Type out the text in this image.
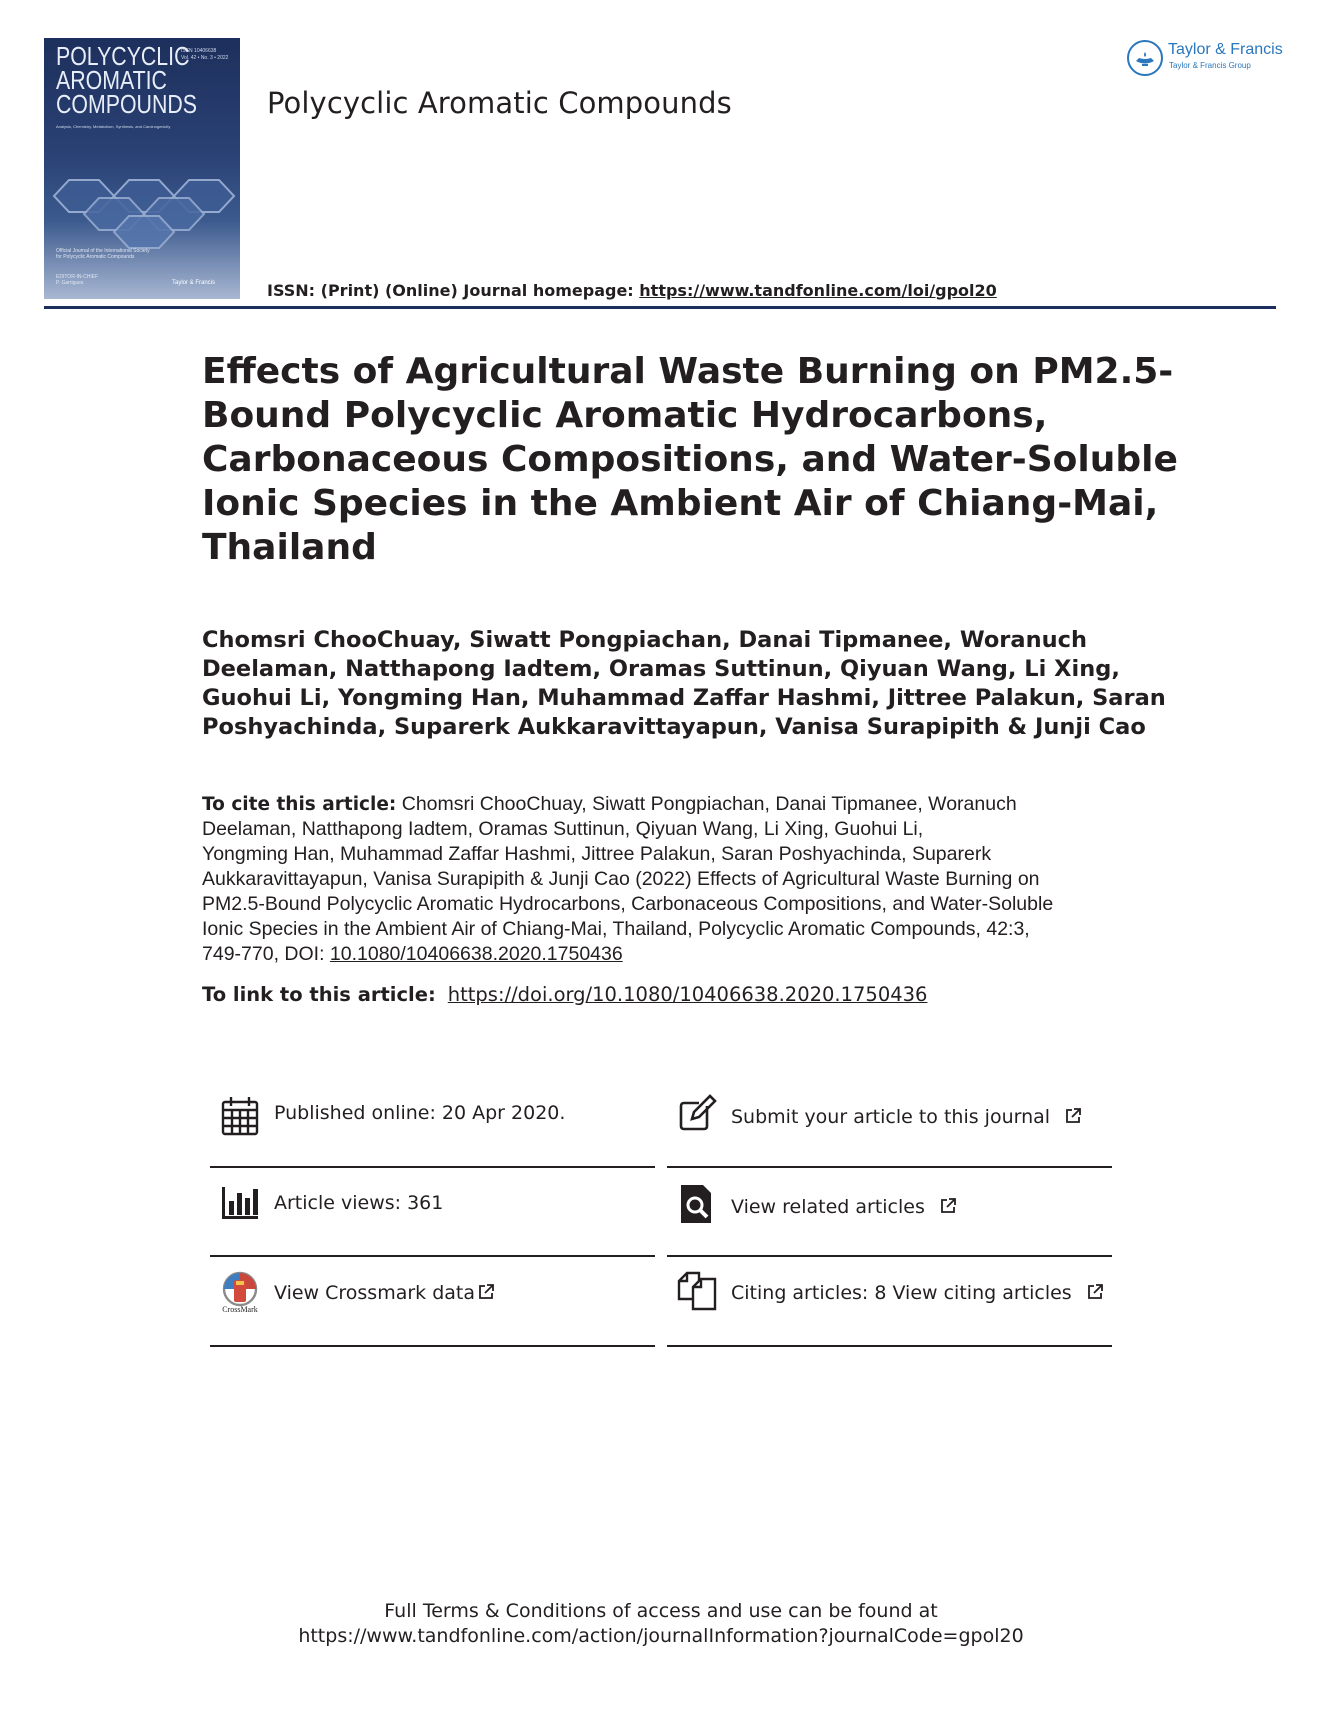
POLYCYCLIC
AROMATIC
COMPOUNDS
ISSN 10406638
Vol. 42 • No. 3 • 2022
Analysis, Chemistry, Metabolism, Synthesis, and Carcinogenicity
Official Journal of the International Society for Polycyclic Aromatic Compounds
EDITOR-IN-CHIEF
P. Garrigues	Taylor & Francis
Polycyclic Aromatic Compounds
ISSN: (Print) (Online) Journal homepage: https://www.tandfonline.com/loi/gpol20
Taylor & Francis
Taylor & Francis Group
Effects of Agricultural Waste Burning on PM2.5-
Bound Polycyclic Aromatic Hydrocarbons,
Carbonaceous Compositions, and Water-Soluble
Ionic Species in the Ambient Air of Chiang-Mai,
Thailand
Chomsri ChooChuay, Siwatt Pongpiachan, Danai Tipmanee, Woranuch
Deelaman, Natthapong Iadtem, Oramas Suttinun, Qiyuan Wang, Li Xing,
Guohui Li, Yongming Han, Muhammad Zaffar Hashmi, Jittree Palakun, Saran
Poshyachinda, Suparerk Aukkaravittayapun, Vanisa Surapipith & Junji Cao
To cite this article: Chomsri ChooChuay, Siwatt Pongpiachan, Danai Tipmanee, Woranuch
Deelaman, Natthapong Iadtem, Oramas Suttinun, Qiyuan Wang, Li Xing, Guohui Li,
Yongming Han, Muhammad Zaffar Hashmi, Jittree Palakun, Saran Poshyachinda, Suparerk
Aukkaravittayapun, Vanisa Surapipith & Junji Cao (2022) Effects of Agricultural Waste Burning on
PM2.5-Bound Polycyclic Aromatic Hydrocarbons, Carbonaceous Compositions, and Water-Soluble
Ionic Species in the Ambient Air of Chiang-Mai, Thailand, Polycyclic Aromatic Compounds, 42:3,
749-770, DOI: 10.1080/10406638.2020.1750436
To link to this article: https://doi.org/10.1080/10406638.2020.1750436
Published online: 20 Apr 2020.	Submit your article to this journal
Article views: 361	View related articles
CrossMark
View Crossmark data	Citing articles: 8 View citing articles
Full Terms & Conditions of access and use can be found at
https://www.tandfonline.com/action/journalInformation?journalCode=gpol20
